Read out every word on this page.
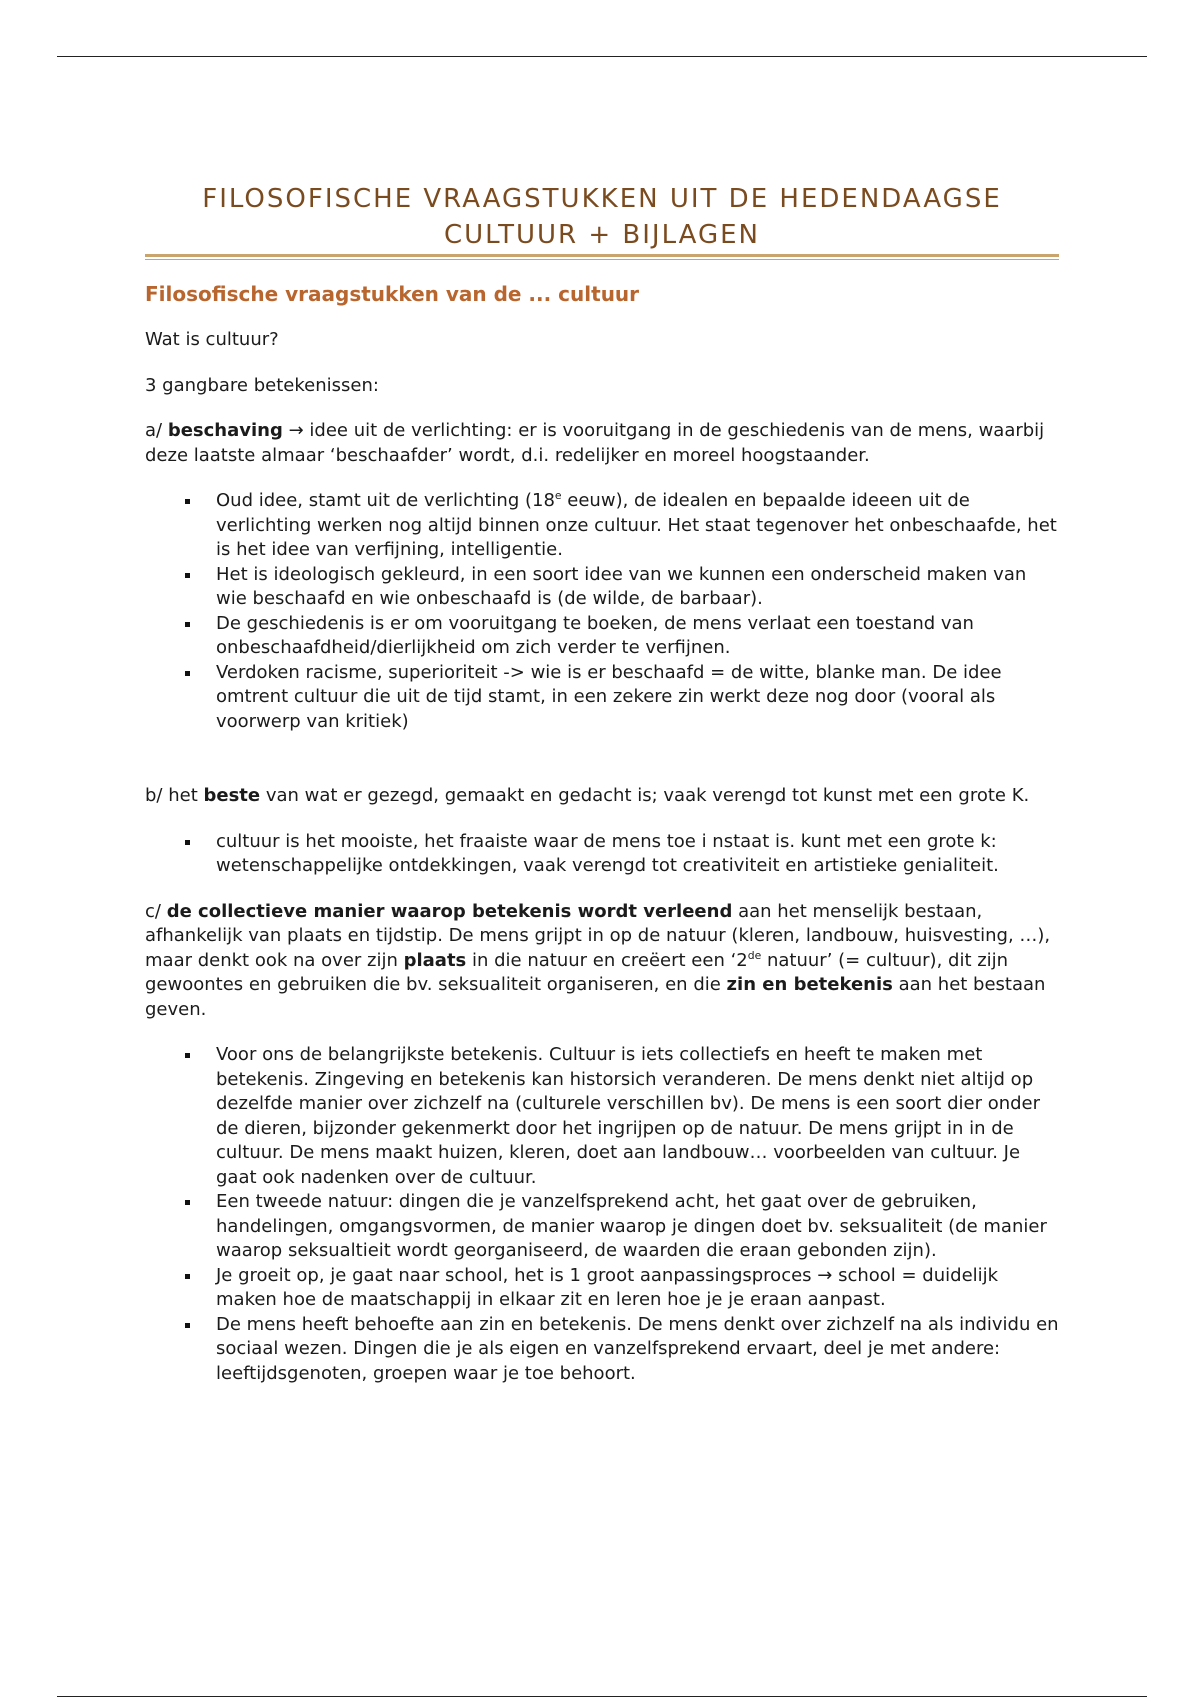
FILOSOFISCHE VRAAGSTUKKEN UIT DE HEDENDAAGSE
CULTUUR + BIJLAGEN
Filosofische vraagstukken van de ... cultuur

Wat is cultuur?

3 gangbare betekenissen:

a/ beschaving → idee uit de verlichting: er is vooruitgang in de geschiedenis van de mens, waarbij deze laatste almaar ‘beschaafder’ wordt, d.i. redelijker en moreel hoogstaander.

Oud idee, stamt uit de verlichting (18e eeuw), de idealen en bepaalde ideeen uit de verlichting werken nog altijd binnen onze cultuur. Het staat tegenover het onbeschaafde, het is het idee van verfijning, intelligentie.
Het is ideologisch gekleurd, in een soort idee van we kunnen een onderscheid maken van wie beschaafd en wie onbeschaafd is (de wilde, de barbaar).
De geschiedenis is er om vooruitgang te boeken, de mens verlaat een toestand van onbeschaafdheid/dierlijkheid om zich verder te verfijnen.
Verdoken racisme, superioriteit -> wie is er beschaafd = de witte, blanke man. De idee omtrent cultuur die uit de tijd stamt, in een zekere zin werkt deze nog door (vooral als voorwerp van kritiek)

b/ het beste van wat er gezegd, gemaakt en gedacht is; vaak verengd tot kunst met een grote K.

cultuur is het mooiste, het fraaiste waar de mens toe i nstaat is. kunt met een grote k: wetenschappelijke ontdekkingen, vaak verengd tot creativiteit en artistieke genialiteit.

c/ de collectieve manier waarop betekenis wordt verleend aan het menselijk bestaan, afhankelijk van plaats en tijdstip. De mens grijpt in op de natuur (kleren, landbouw, huisvesting, …), maar denkt ook na over zijn plaats in die natuur en creëert een ‘2de natuur’ (= cultuur), dit zijn gewoontes en gebruiken die bv. seksualiteit organiseren, en die zin en betekenis aan het bestaan geven.

Voor ons de belangrijkste betekenis. Cultuur is iets collectiefs en heeft te maken met betekenis. Zingeving en betekenis kan historsich veranderen. De mens denkt niet altijd op dezelfde manier over zichzelf na (culturele verschillen bv). De mens is een soort dier onder de dieren, bijzonder gekenmerkt door het ingrijpen op de natuur. De mens grijpt in in de cultuur. De mens maakt huizen, kleren, doet aan landbouw… voorbeelden van cultuur. Je gaat ook nadenken over de cultuur.
Een tweede natuur: dingen die je vanzelfsprekend acht, het gaat over de gebruiken, handelingen, omgangsvormen, de manier waarop je dingen doet bv. seksualiteit (de manier waarop seksualtieit wordt georganiseerd, de waarden die eraan gebonden zijn).
Je groeit op, je gaat naar school, het is 1 groot aanpassingsproces → school = duidelijk maken hoe de maatschappij in elkaar zit en leren hoe je je eraan aanpast.
De mens heeft behoefte aan zin en betekenis. De mens denkt over zichzelf na als individu en sociaal wezen. Dingen die je als eigen en vanzelfsprekend ervaart, deel je met andere: leeftijdsgenoten, groepen waar je toe behoort.
